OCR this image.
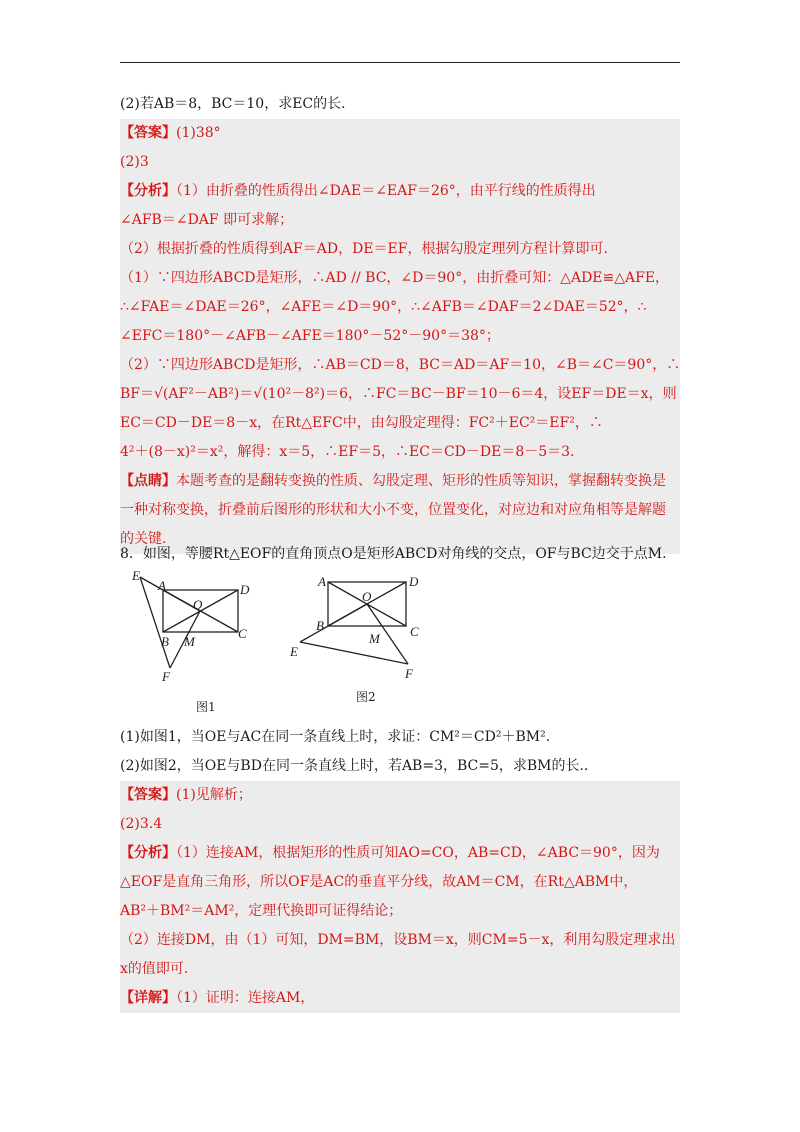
(2)若AB＝8，BC＝10，求EC的长.
【答案】(1)38°
(2)3
【分析】（1）由折叠的性质得出∠DAE＝∠EAF＝26°，由平行线的性质得出
∠AFB＝∠DAF 即可求解；
（2）根据折叠的性质得到AF＝AD，DE＝EF，根据勾股定理列方程计算即可.
（1）∵四边形ABCD是矩形，∴AD // BC，∠D＝90°，由折叠可知：△ADE≌△AFE，
∴∠FAE＝∠DAE＝26°，∠AFE＝∠D＝90°，∴∠AFB＝∠DAF＝2∠DAE＝52°，∴
∠EFC＝180°－∠AFB－∠AFE＝180°－52°－90°＝38°；
（2）∵四边形ABCD是矩形，∴AB＝CD＝8，BC＝AD＝AF＝10，∠B＝∠C＝90°，∴
BF＝√(AF²－AB²)＝√(10²－8²)＝6，∴FC＝BC－BF＝10－6＝4，设EF＝DE＝x，则
EC＝CD－DE＝8－x，在Rt△EFC中，由勾股定理得：FC²＋EC²＝EF²，∴
4²＋(8－x)²＝x²，解得：x＝5，∴EF＝5，∴EC＝CD－DE＝8－5＝3.
【点睛】本题考查的是翻转变换的性质、勾股定理、矩形的性质等知识，掌握翻转变换是
一种对称变换，折叠前后图形的形状和大小不变，位置变化，对应边和对应角相等是解题
的关键.
8．如图，等腰Rt△EOF的直角顶点O是矩形ABCD对角线的交点，OF与BC边交于点M.
E
A	D
O
B M
C
F
图1
A	D
O
B
M C
E
F
图2
(1)如图1，当OE与AC在同一条直线上时，求证：CM²＝CD²＋BM².
(2)如图2，当OE与BD在同一条直线上时，若AB=3，BC=5，求BM的长.．
【答案】(1)见解析；
(2)3.4
【分析】（1）连接AM，根据矩形的性质可知AO=CO，AB=CD，∠ABC＝90°，因为
△EOF是直角三角形，所以OF是AC的垂直平分线，故AM＝CM，在Rt△ABM中，
AB²＋BM²＝AM²，定理代换即可证得结论；
（2）连接DM，由（1）可知，DM=BM，设BM＝x，则CM=5－x，利用勾股定理求出
x的值即可.
【详解】（1）证明：连接AM，
